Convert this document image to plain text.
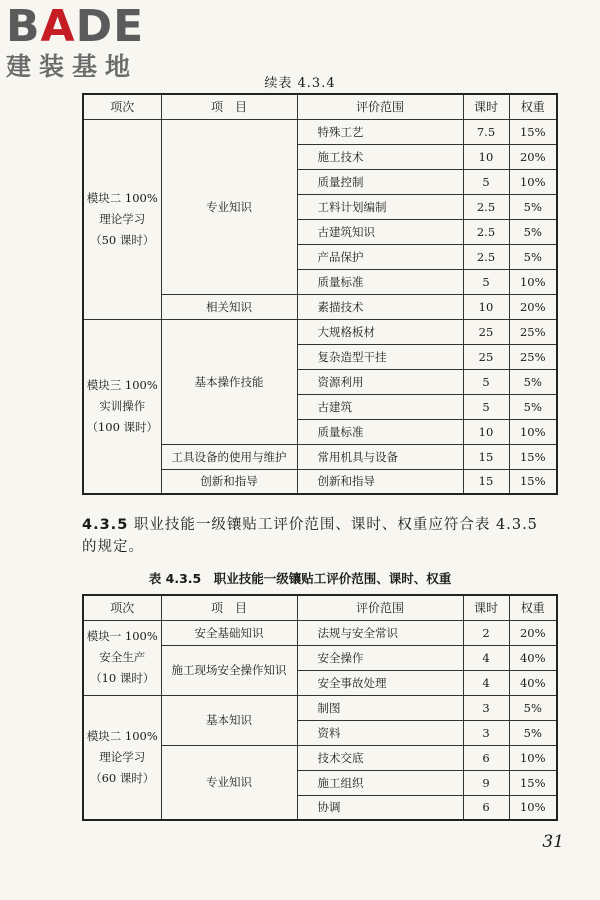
BADE
建装基地
续表 4.3.4
项次	项　目	评价范围	课时	权重
模块二 100%
理论学习
（50 课时）	专业知识	特殊工艺	7.5	15%
		施工技术	10	20%
		质量控制	5	10%
		工料计划编制	2.5	5%
		古建筑知识	2.5	5%
		产品保护	2.5	5%
		质量标准	5	10%
	相关知识	素描技术	10	20%
模块三 100%
实训操作
（100 课时）	基本操作技能	大规格板材	25	25%
		复杂造型干挂	25	25%
		资源利用	5	5%
		古建筑	5	5%
		质量标准	10	10%
	工具设备的使用与维护	常用机具与设备	15	15%
	创新和指导	创新和指导	15	15%
4.3.5 职业技能一级镶贴工评价范围、课时、权重应符合表 4.3.5 的规定。
表 4.3.5　职业技能一级镶贴工评价范围、课时、权重
项次	项　目	评价范围	课时	权重
模块一 100%
安全生产
（10 课时）	安全基础知识	法规与安全常识	2	20%
	施工现场安全操作知识	安全操作	4	40%
		安全事故处理	4	40%
模块二 100%
理论学习
（60 课时）	基本知识	制图	3	5%
		资料	3	5%
	专业知识	技术交底	6	10%
		施工组织	9	15%
		协调	6	10%
31
